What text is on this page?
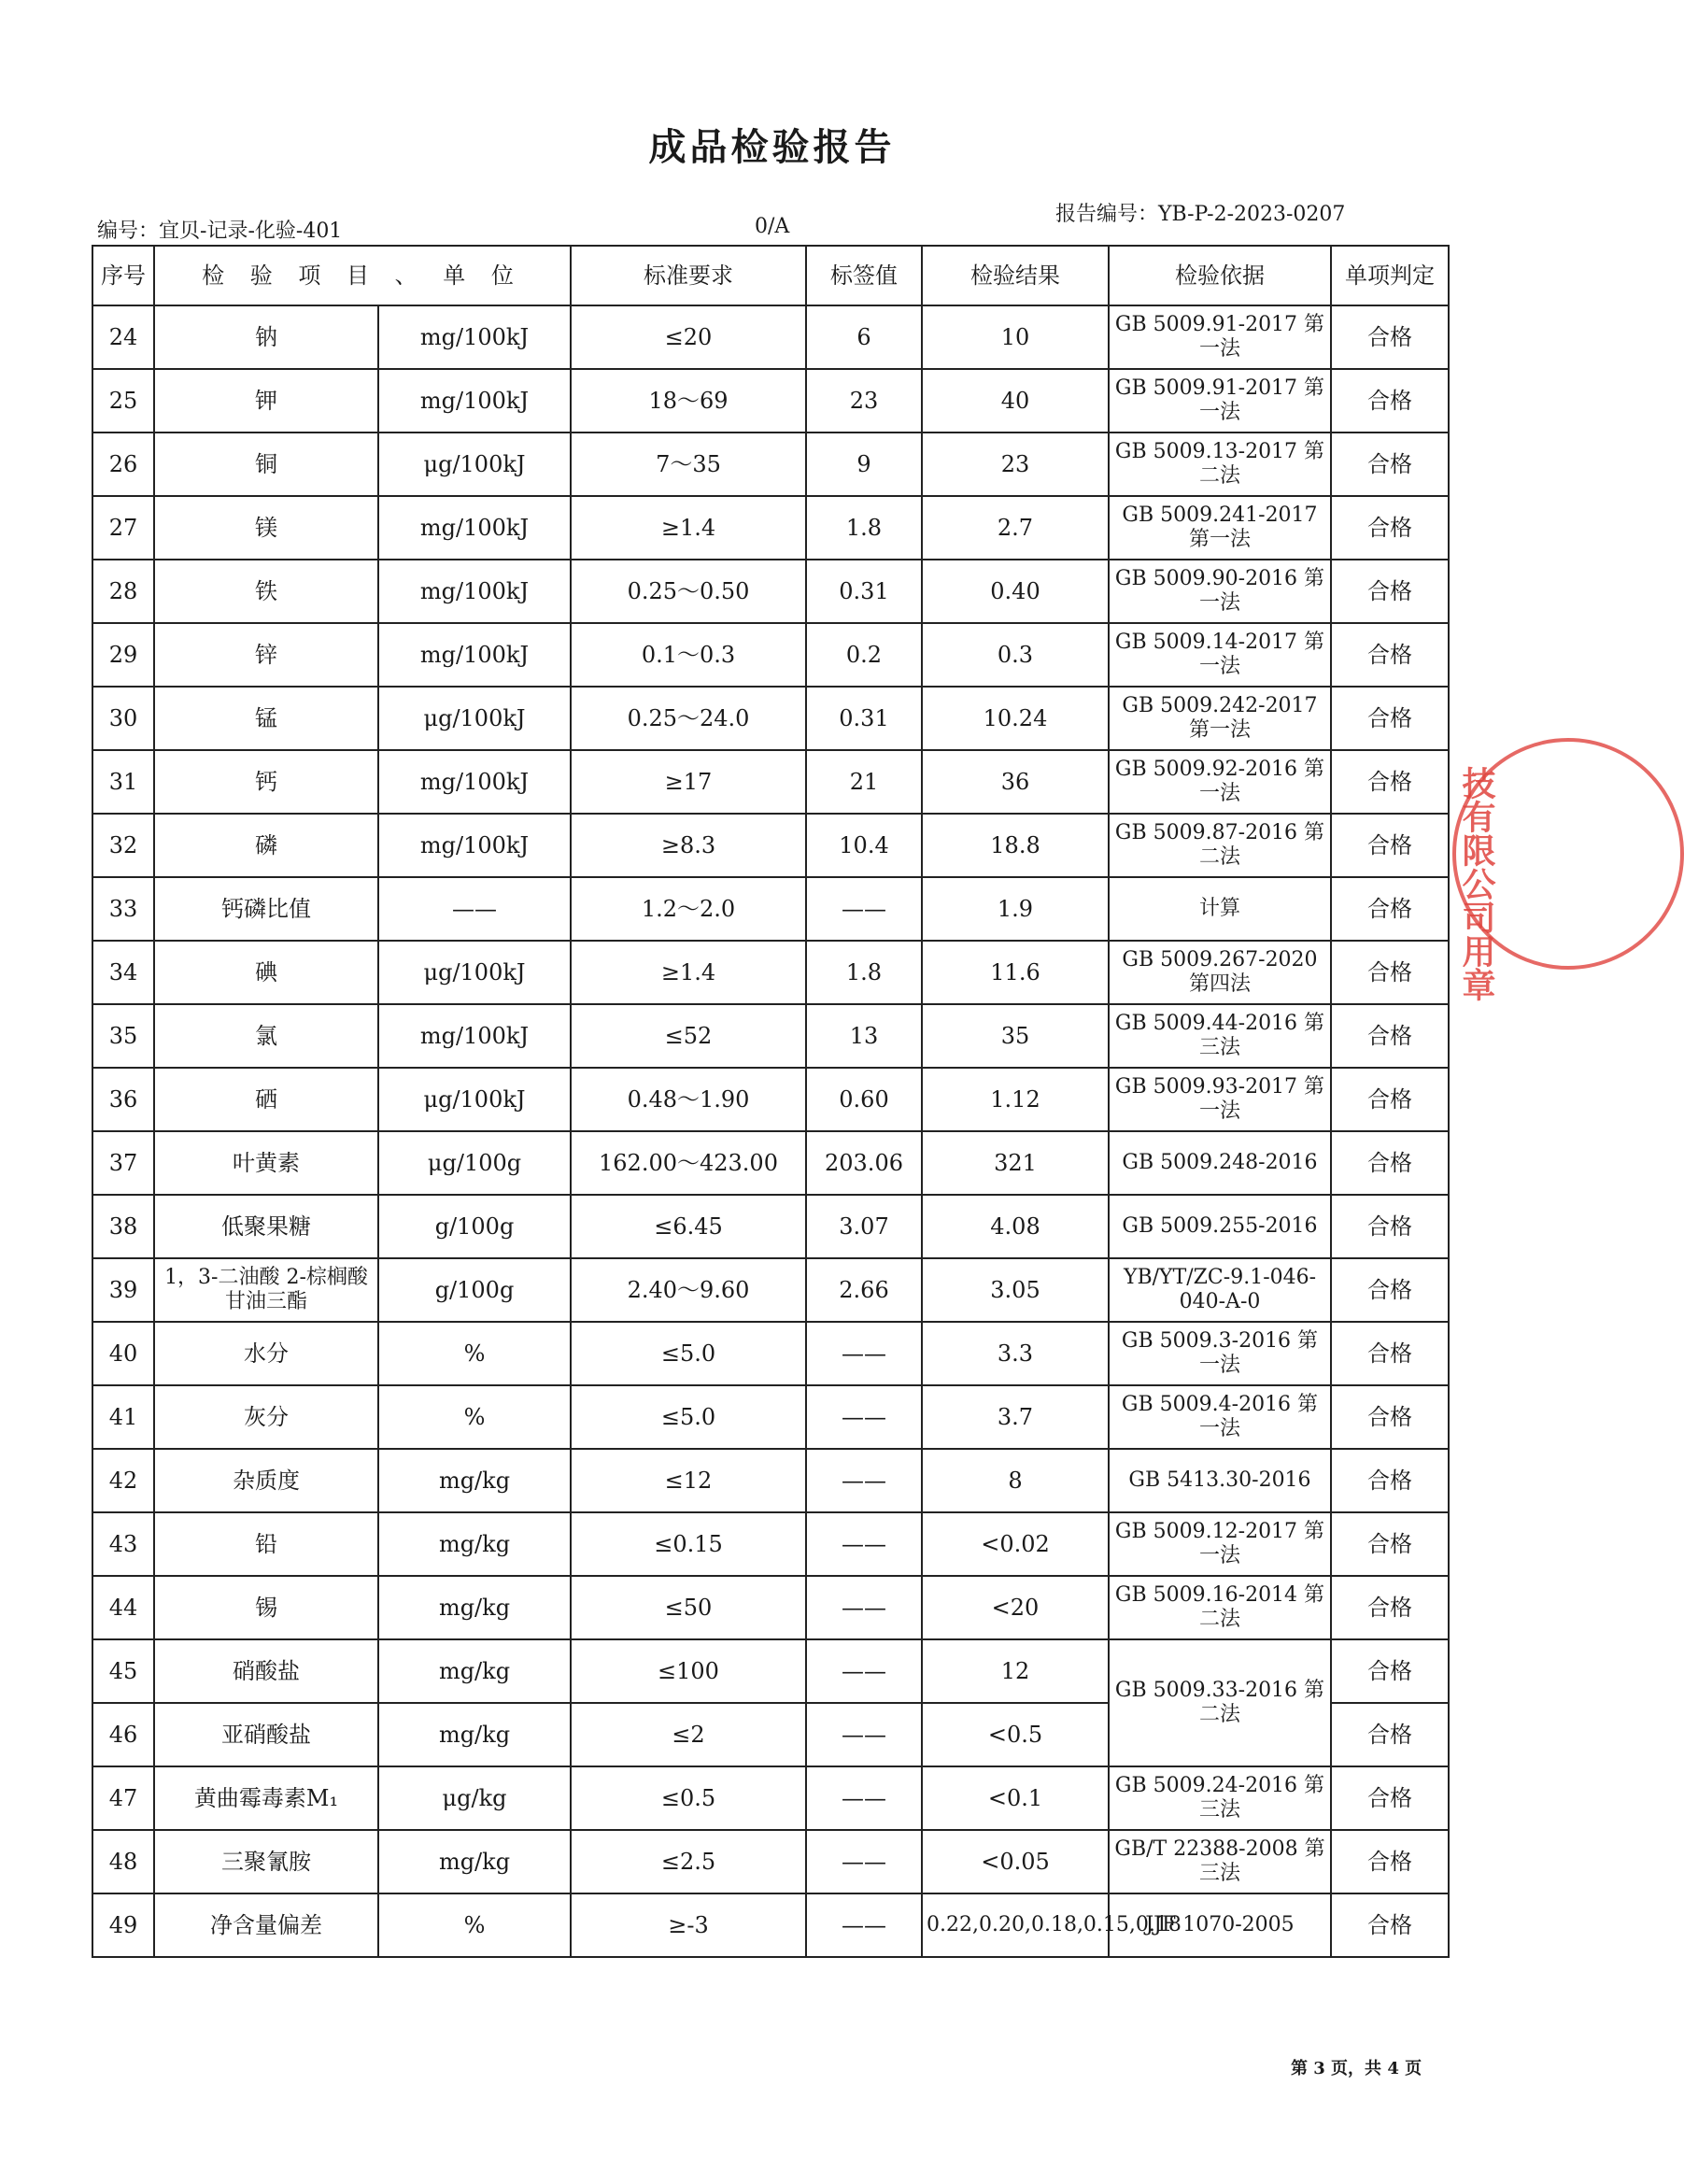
成品检验报告
编号：宜贝-记录-化验-401	0/A
报告编号：YB-P-2-2023-0207
序号	检 验 项 目 、 单 位		标准要求	标签值	检验结果	检验依据	单项判定
24	钠	mg/100kJ	≤20	6	10	GB 5009.91-2017 第一法	合格
25	钾	mg/100kJ	18～69	23	40	GB 5009.91-2017 第一法	合格
26	铜	μg/100kJ	7～35	9	23	GB 5009.13-2017 第二法	合格
27	镁	mg/100kJ	≥1.4	1.8	2.7	GB 5009.241-2017 第一法	合格
28	铁	mg/100kJ	0.25～0.50	0.31	0.40	GB 5009.90-2016 第一法	合格
29	锌	mg/100kJ	0.1～0.3	0.2	0.3	GB 5009.14-2017 第一法	合格
30	锰	μg/100kJ	0.25～24.0	0.31	10.24	GB 5009.242-2017 第一法	合格
31	钙	mg/100kJ	≥17	21	36	GB 5009.92-2016 第一法	合格
32	磷	mg/100kJ	≥8.3	10.4	18.8	GB 5009.87-2016 第二法	合格
33	钙磷比值	——	1.2～2.0	——	1.9	计算	合格
34	碘	μg/100kJ	≥1.4	1.8	11.6	GB 5009.267-2020 第四法	合格
35	氯	mg/100kJ	≤52	13	35	GB 5009.44-2016 第三法	合格
36	硒	μg/100kJ	0.48～1.90	0.60	1.12	GB 5009.93-2017 第一法	合格
37	叶黄素	μg/100g	162.00～423.00	203.06	321	GB 5009.248-2016	合格
38	低聚果糖	g/100g	≤6.45	3.07	4.08	GB 5009.255-2016	合格
39	1，3-二油酸 2-棕榈酸甘油三酯	g/100g	2.40～9.60	2.66	3.05	YB/YT/ZC-9.1-046-040-A-0	合格
40	水分	%	≤5.0	——	3.3	GB 5009.3-2016 第一法	合格
41	灰分	%	≤5.0	——	3.7	GB 5009.4-2016 第一法	合格
42	杂质度	mg/kg	≤12	——	8	GB 5413.30-2016	合格
43	铅	mg/kg	≤0.15	——	<0.02	GB 5009.12-2017 第一法	合格
44	锡	mg/kg	≤50	——	<20	GB 5009.16-2014 第二法	合格
45	硝酸盐	mg/kg	≤100	——	12	GB 5009.33-2016 第二法	合格
46	亚硝酸盐	mg/kg	≤2	——	<0.5		合格
47	黄曲霉毒素M₁	μg/kg	≤0.5	——	<0.1	GB 5009.24-2016 第三法	合格
48	三聚氰胺	mg/kg	≤2.5	——	<0.05	GB/T 22388-2008 第三法	合格
49	净含量偏差	%	≥-3	——	0.22,0.20,0.18,0.15,0.18	JJF 1070-2005	合格
技有限公司用章
第 3 页，共 4 页
